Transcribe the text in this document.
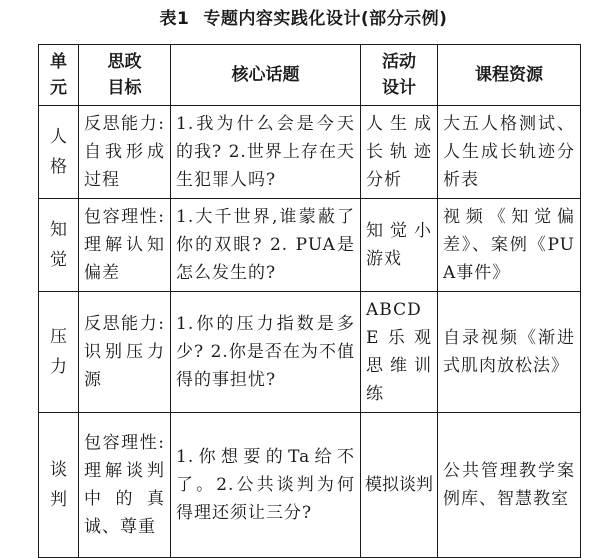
表1 专题内容实践化设计(部分示例)
单元	思政目标	核心话题	活动设计	课程资源
人格	反思能力:自我形成过程	1.我为什么会是今天的我? 2.世界上存在天生犯罪人吗?	人生成长轨迹分析	大五人格测试、人生成长轨迹分析表
知觉	包容理性:理解认知偏差	1.大千世界,谁蒙蔽了你的双眼? 2. PUA是怎么发生的?	知觉小游戏	视频《知觉偏差》、案例《PUA事件》
压力	反思能力:识别压力源	1.你的压力指数是多少? 2.你是否在为不值得的事担忧?	ABCDE乐观思维训练	自录视频《渐进式肌肉放松法》
谈判	包容理性:理解谈判中的真诚、尊重	1.你想要的Ta给不了。2.公共谈判为何得理还须让三分?	模拟谈判	公共管理教学案例库、智慧教室
